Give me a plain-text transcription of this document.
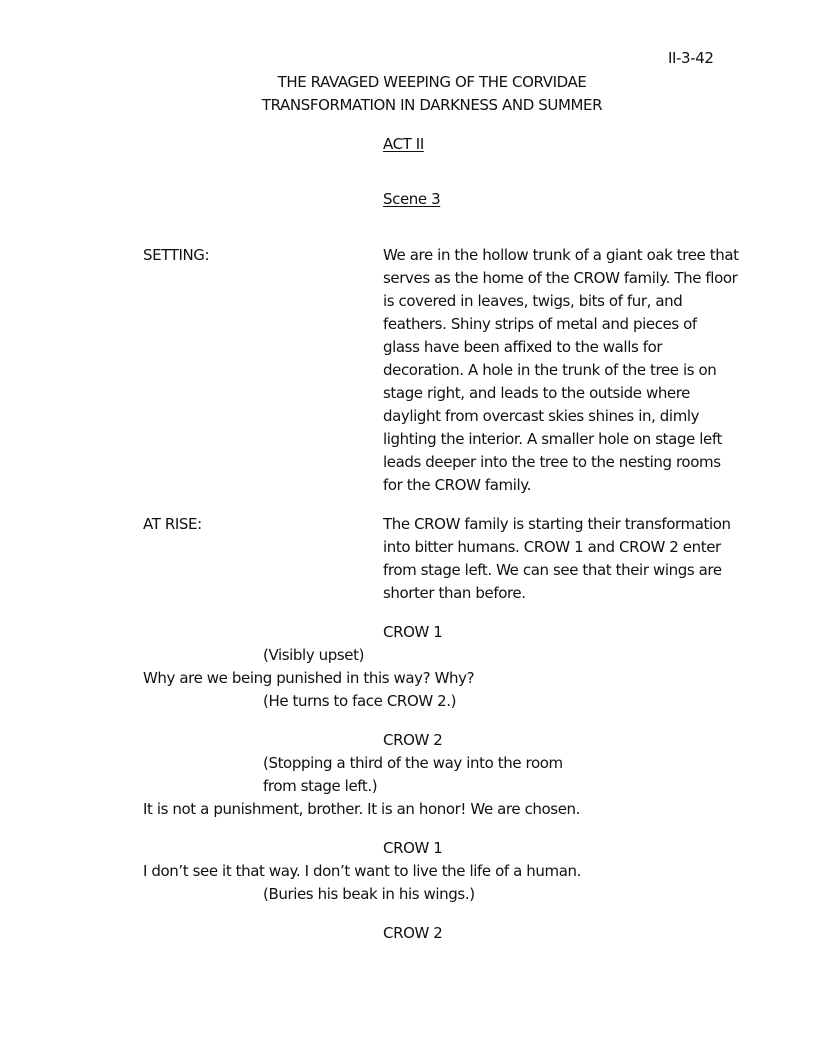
II-3-42
THE RAVAGED WEEPING OF THE CORVIDAE
TRANSFORMATION IN DARKNESS AND SUMMER
ACT II
Scene 3
SETTING:	We are in the hollow trunk of a giant oak tree that
serves as the home of the CROW family. The floor
is covered in leaves, twigs, bits of fur, and
feathers. Shiny strips of metal and pieces of
glass have been affixed to the walls for
decoration. A hole in the trunk of the tree is on
stage right, and leads to the outside where
daylight from overcast skies shines in, dimly
lighting the interior. A smaller hole on stage left
leads deeper into the tree to the nesting rooms
for the CROW family.
AT RISE:	The CROW family is starting their transformation
into bitter humans. CROW 1 and CROW 2 enter
from stage left. We can see that their wings are
shorter than before.
CROW 1
(Visibly upset)
Why are we being punished in this way? Why?
(He turns to face CROW 2.)
CROW 2
(Stopping a third of the way into the room
from stage left.)
It is not a punishment, brother. It is an honor! We are chosen.
CROW 1
I don’t see it that way. I don’t want to live the life of a human.
(Buries his beak in his wings.)
CROW 2
